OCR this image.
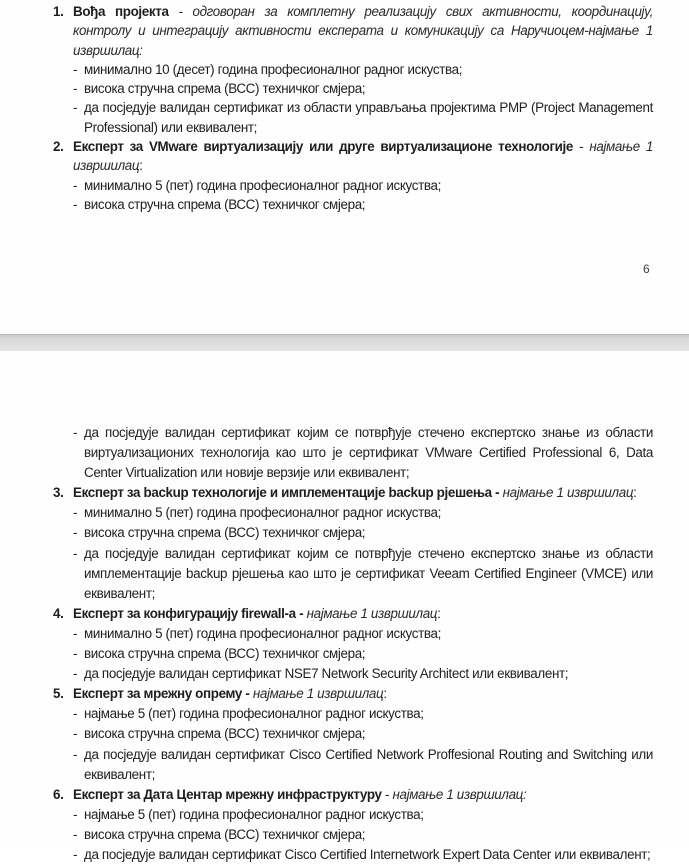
1. Вођа пројекта - одговоран за комплетну реализацију свих активности, координацију, контролу и интеграцију активности експерата и комуникацију са Наручиоцем-најмање 1 извршилац:
- минимално 10 (десет) година професионалног радног искуства;
- висока стручна спрема (ВСС) техничког смјера;
- да посједује валидан сертификат из области управљања пројектима PMP (Project Management Professional) или еквивалент;
2. Експерт за VMware виртуализацију или друге виртуализационе технологије - најмање 1 извршилац:
- минимално 5 (пет) година професионалног радног искуства;
- висока стручна спрема (ВСС) техничког смјера;
6
- да посједује валидан сертификат којим се потврђује стечено експертско знање из области виртуализационих технологија као што је сертификат VMware Certified Professional 6, Data Center Virtualization или новије верзије или еквивалент;
3. Експерт за backup технологије и имплементације backup рјешења - најмање 1 извршилац:
- минимално 5 (пет) година професионалног радног искуства;
- висока стручна спрема (ВСС) техничког смјера;
- да посједује валидан сертификат којим се потврђује стечено експертско знање из области имплементације backup рјешења као што је сертификат Veeam Certified Engineer (VMCE) или еквивалент;
4. Експерт за конфигурацију firewall-a - најмање 1 извршилац:
- минимално 5 (пет) година професионалног радног искуства;
- висока стручна спрема (ВСС) техничког смјера;
- да посједује валидан сертификат NSE7 Network Security Architect или еквивалент;
5. Експерт за мрежну опрему - најмање 1 извршилац:
- најмање 5 (пет) година професионалног радног искуства;
- висока стручна спрема (ВСС) техничког смјера;
- да посједује валидан сертификат Cisco Certified Network Proffesional Routing and Switching или еквивалент;
6. Експерт за Дата Центар мрежну инфраструктуру - најмање 1 извршилац:
- најмање 5 (пет) година професионалног радног искуства;
- висока стручна спрема (ВСС) техничког смјера;
- да посједује валидан сертификат Cisco Certified Internetwork Expert Data Center или еквивалент;
